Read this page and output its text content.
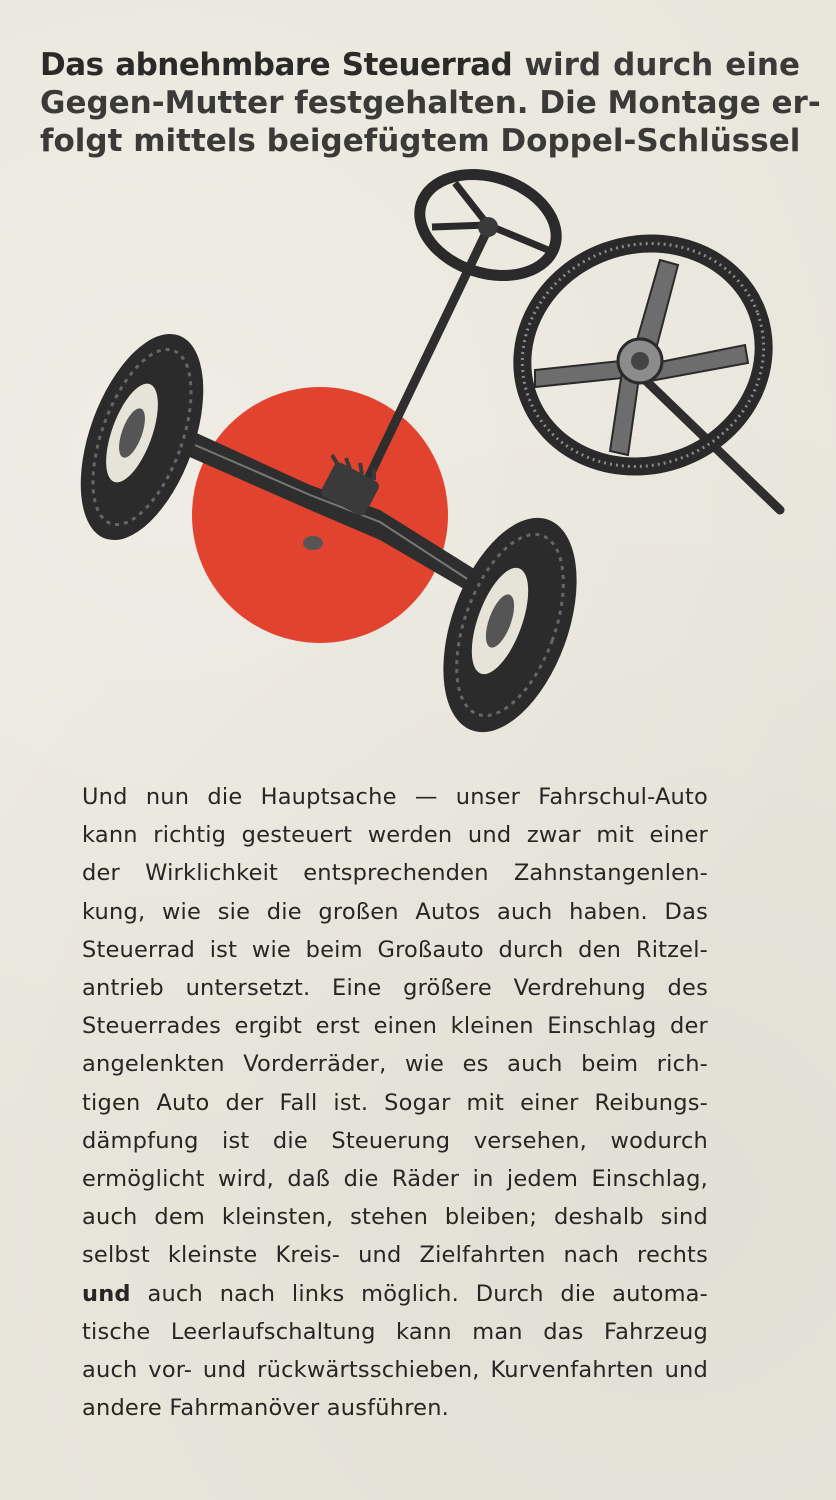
Das abnehmbare Steuerrad wird durch eine
Gegen-Mutter festgehalten. Die Montage er-
folgt mittels beigefügtem Doppel-Schlüssel
Und nun die Hauptsache — unser Fahrschul-Auto
kann richtig gesteuert werden und zwar mit einer
der Wirklichkeit entsprechenden Zahnstangenlen-
kung, wie sie die großen Autos auch haben. Das
Steuerrad ist wie beim Großauto durch den Ritzel-
antrieb untersetzt. Eine größere Verdrehung des
Steuerrades ergibt erst einen kleinen Einschlag der
angelenkten Vorderräder, wie es auch beim rich-
tigen Auto der Fall ist. Sogar mit einer Reibungs-
dämpfung ist die Steuerung versehen, wodurch
ermöglicht wird, daß die Räder in jedem Einschlag,
auch dem kleinsten, stehen bleiben; deshalb sind
selbst kleinste Kreis- und Zielfahrten nach rechts
und auch nach links möglich. Durch die automa-
tische Leerlaufschaltung kann man das Fahrzeug
auch vor- und rückwärtsschieben, Kurvenfahrten und
andere Fahrmanöver ausführen.
